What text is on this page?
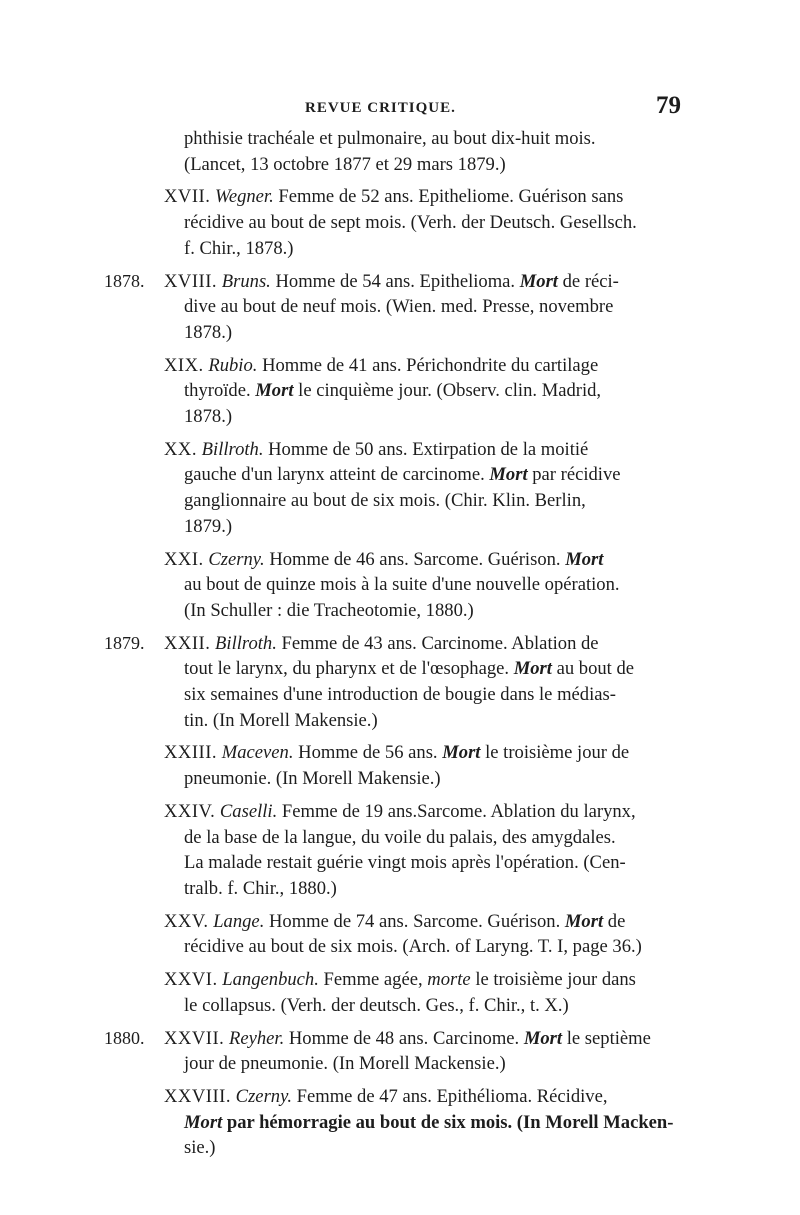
REVUE CRITIQUE.	79
phthisie trachéale et pulmonaire, au bout dix-huit mois.
(Lancet, 13 octobre 1877 et 29 mars 1879.)
XVII. Wegner. Femme de 52 ans. Epitheliome. Guérison sans
récidive au bout de sept mois. (Verh. der Deutsch. Gesellsch.
f. Chir., 1878.)
1878. XVIII. Bruns. Homme de 54 ans. Epithelioma. Mort de réci-
dive au bout de neuf mois. (Wien. med. Presse, novembre
1878.)
XIX. Rubio. Homme de 41 ans. Périchondrite du cartilage
thyroïde. Mort le cinquième jour. (Observ. clin. Madrid,
1878.)
XX. Billroth. Homme de 50 ans. Extirpation de la moitié
gauche d'un larynx atteint de carcinome. Mort par récidive
ganglionnaire au bout de six mois. (Chir. Klin. Berlin,
1879.)
XXI. Czerny. Homme de 46 ans. Sarcome. Guérison. Mort
au bout de quinze mois à la suite d'une nouvelle opération.
(In Schuller : die Tracheotomie, 1880.)
1879. XXII. Billroth. Femme de 43 ans. Carcinome. Ablation de
tout le larynx, du pharynx et de l'œsophage. Mort au bout de
six semaines d'une introduction de bougie dans le médias-
tin. (In Morell Makensie.)
XXIII. Maceven. Homme de 56 ans. Mort le troisième jour de
pneumonie. (In Morell Makensie.)
XXIV. Caselli. Femme de 19 ans.Sarcome. Ablation du larynx,
de la base de la langue, du voile du palais, des amygdales.
La malade restait guérie vingt mois après l'opération. (Cen-
tralb. f. Chir., 1880.)
XXV. Lange. Homme de 74 ans. Sarcome. Guérison. Mort de
récidive au bout de six mois. (Arch. of Laryng. T. I, page 36.)
XXVI. Langenbuch. Femme agée, morte le troisième jour dans
le collapsus. (Verh. der deutsch. Ges., f. Chir., t. X.)
1880. XXVII. Reyher. Homme de 48 ans. Carcinome. Mort le septième
jour de pneumonie. (In Morell Mackensie.)
XXVIII. Czerny. Femme de 47 ans. Epithélioma. Récidive,
Mort par hémorragie au bout de six mois. (In Morell Macken-
sie.)
